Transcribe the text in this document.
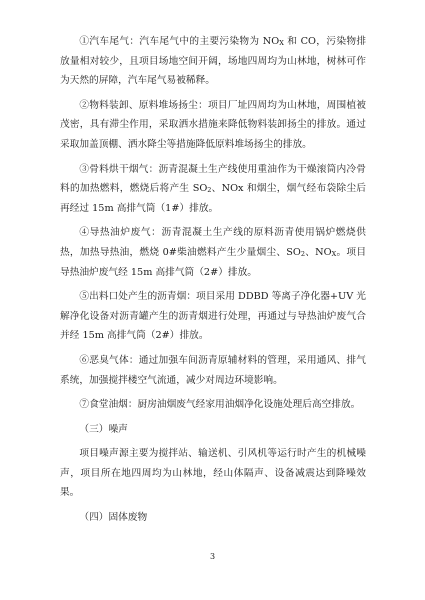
①汽车尾气：汽车尾气中的主要污染物为 $NO_X$ 和 CO，污染物排放量相对较少，且项目场地空间开阔，场地四周均为山林地，树林可作为天然的屏障，汽车尾气易被稀释。

②物料装卸、原料堆场扬尘：项目厂址四周均为山林地，周围植被茂密，具有滞尘作用，采取洒水措施来降低物料装卸扬尘的排放。通过采取加盖顶棚、洒水降尘等措施降低原料堆场扬尘的排放。

③骨料烘干烟气：沥青混凝土生产线使用重油作为干燥滚筒内冷骨料的加热燃料，燃烧后将产生 $SO_2$、NOx 和烟尘，烟气经布袋除尘后再经过 15m 高排气筒（1#）排放。

④导热油炉废气：沥青混凝土生产线的原料沥青使用锅炉燃烧供热，加热导热油，燃烧 0#柴油燃料产生少量烟尘、$SO_2$、$NO_X$。项目导热油炉废气经 15m 高排气筒（2#）排放。

⑤出料口处产生的沥青烟：项目采用 DDBD 等离子净化器+UV 光解净化设备对沥青罐产生的沥青烟进行处理，再通过与导热油炉废气合并经 15m 高排气筒（2#）排放。

⑥恶臭气体：通过加强车间沥青原辅材料的管理，采用通风、排气系统，加强搅拌楼空气流通，减少对周边环境影响。

⑦食堂油烟：厨房油烟废气经家用油烟净化设施处理后高空排放。

（三）噪声

项目噪声源主要为搅拌站、输送机、引风机等运行时产生的机械噪声，项目所在地四周均为山林地，经山体隔声、设备减震达到降噪效果。

（四）固体废物

3
